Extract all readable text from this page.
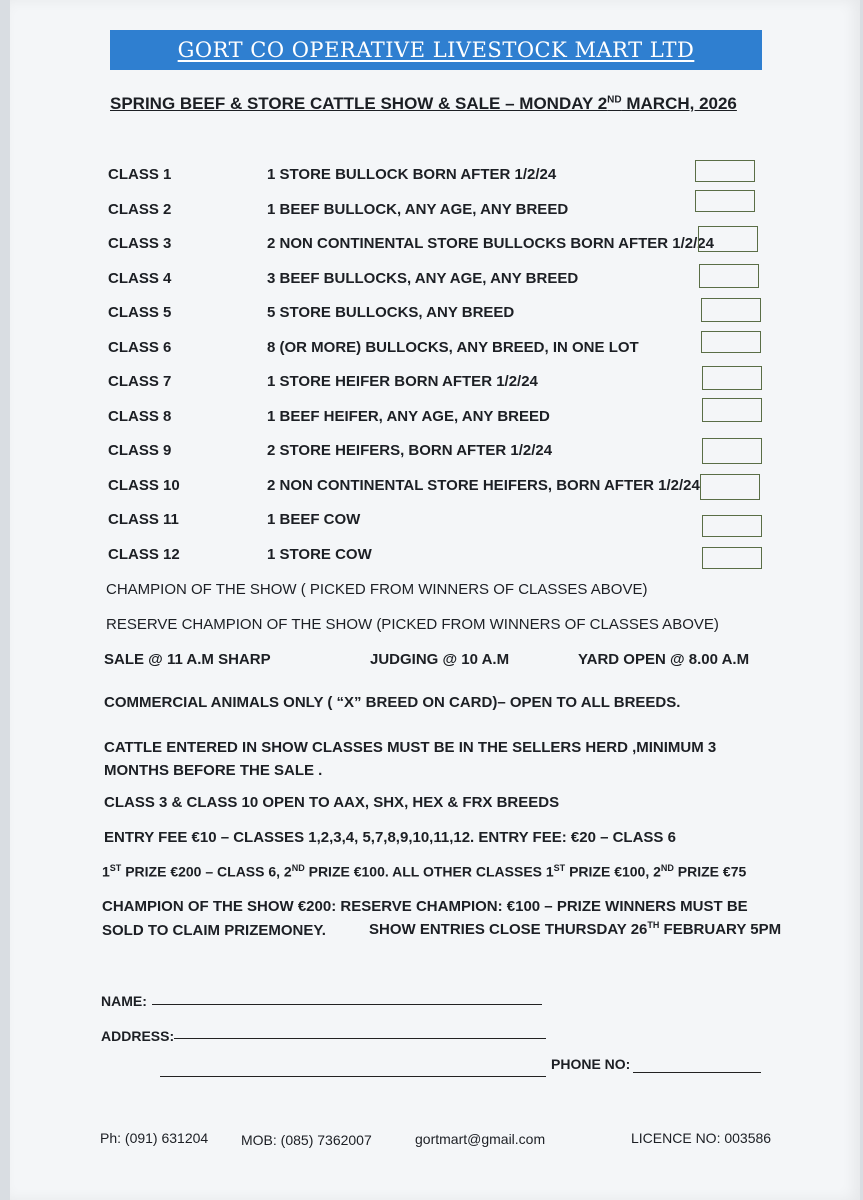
GORT CO OPERATIVE LIVESTOCK MART LTD
SPRING BEEF & STORE CATTLE SHOW & SALE – MONDAY 2ND MARCH, 2026
CLASS 1	1 STORE BULLOCK BORN AFTER 1/2/24
CLASS 2	1 BEEF BULLOCK, ANY AGE, ANY BREED
CLASS 3	2 NON CONTINENTAL STORE BULLOCKS BORN AFTER 1/2/24
CLASS 4	3 BEEF BULLOCKS, ANY AGE, ANY BREED
CLASS 5	5 STORE BULLOCKS, ANY BREED
CLASS 6	8 (OR MORE) BULLOCKS, ANY BREED, IN ONE LOT
CLASS 7	1 STORE HEIFER BORN AFTER 1/2/24
CLASS 8	1 BEEF HEIFER, ANY AGE, ANY BREED
CLASS 9	2 STORE HEIFERS, BORN AFTER 1/2/24
CLASS 10	2 NON CONTINENTAL STORE HEIFERS, BORN AFTER 1/2/24
CLASS 11	1 BEEF COW
CLASS 12	1 STORE COW
CHAMPION OF THE SHOW ( PICKED FROM WINNERS OF CLASSES ABOVE)
RESERVE CHAMPION OF THE SHOW (PICKED FROM WINNERS OF CLASSES ABOVE)
SALE @ 11 A.M SHARP	JUDGING @ 10 A.M	YARD OPEN @ 8.00 A.M
COMMERCIAL ANIMALS ONLY ( “X” BREED ON CARD)– OPEN TO ALL BREEDS.
CATTLE ENTERED IN SHOW CLASSES MUST BE IN THE SELLERS HERD ,MINIMUM 3
MONTHS BEFORE THE SALE .
CLASS 3 & CLASS 10 OPEN TO AAX, SHX, HEX & FRX BREEDS
ENTRY FEE €10 – CLASSES 1,2,3,4, 5,7,8,9,10,11,12. ENTRY FEE: €20 – CLASS 6
1ST PRIZE €200 – CLASS 6, 2ND PRIZE €100. ALL OTHER CLASSES 1ST PRIZE €100, 2ND PRIZE €75
CHAMPION OF THE SHOW €200: RESERVE CHAMPION: €100 – PRIZE WINNERS MUST BE
SOLD TO CLAIM PRIZEMONEY.	SHOW ENTRIES CLOSE THURSDAY 26TH FEBRUARY 5PM
NAME:
ADDRESS:
PHONE NO:
Ph: (091) 631204 MOB: (085) 7362007	gortmart@gmail.com	LICENCE NO: 003586
